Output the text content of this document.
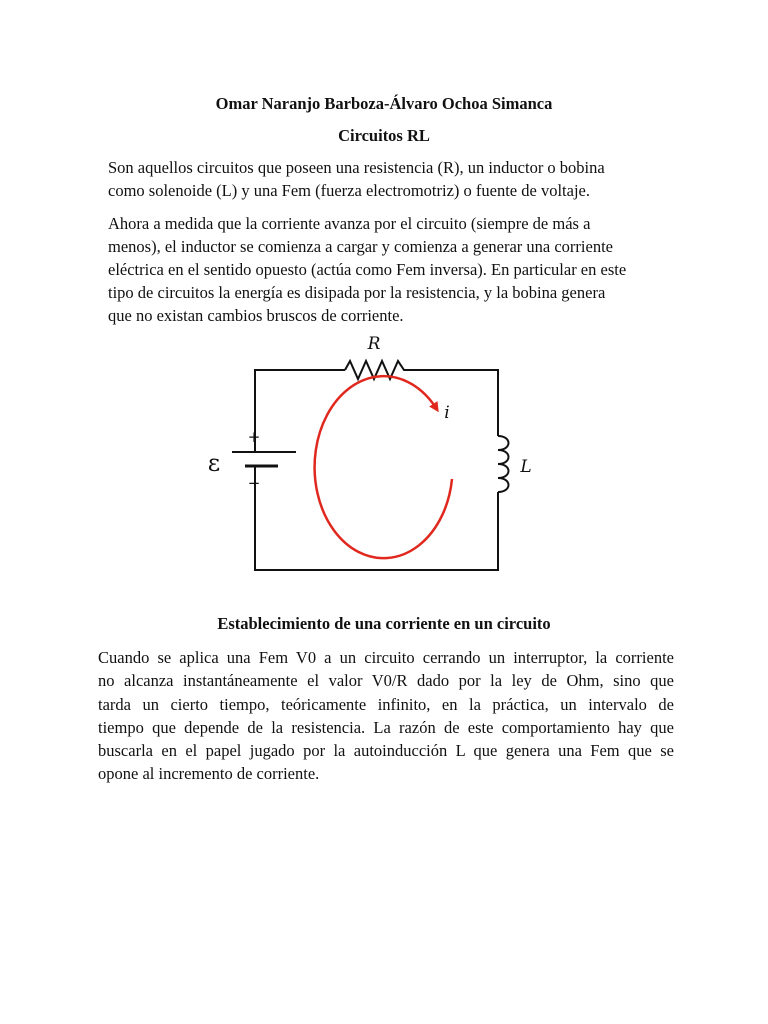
Omar Naranjo Barboza-Álvaro Ochoa Simanca
Circuitos RL
Son aquellos circuitos que poseen una resistencia (R), un inductor o bobina
como solenoide (L) y una Fem (fuerza electromotriz) o fuente de voltaje.
Ahora a medida que la corriente avanza por el circuito (siempre de más a
menos), el inductor se comienza a cargar y comienza a generar una corriente
eléctrica en el sentido opuesto (actúa como Fem inversa). En particular en este
tipo de circuitos la energía es disipada por la resistencia, y la bobina genera
que no existan cambios bruscos de corriente.
R
i
L
ε
+
−
Establecimiento de una corriente en un circuito
Cuando se aplica una Fem V0 a un circuito cerrando un interruptor, la corriente
no alcanza instantáneamente el valor V0/R dado por la ley de Ohm, sino que
tarda un cierto tiempo, teóricamente infinito, en la práctica, un intervalo de
tiempo que depende de la resistencia. La razón de este comportamiento hay que
buscarla en el papel jugado por la autoinducción L que genera una Fem que se
opone al incremento de corriente.
